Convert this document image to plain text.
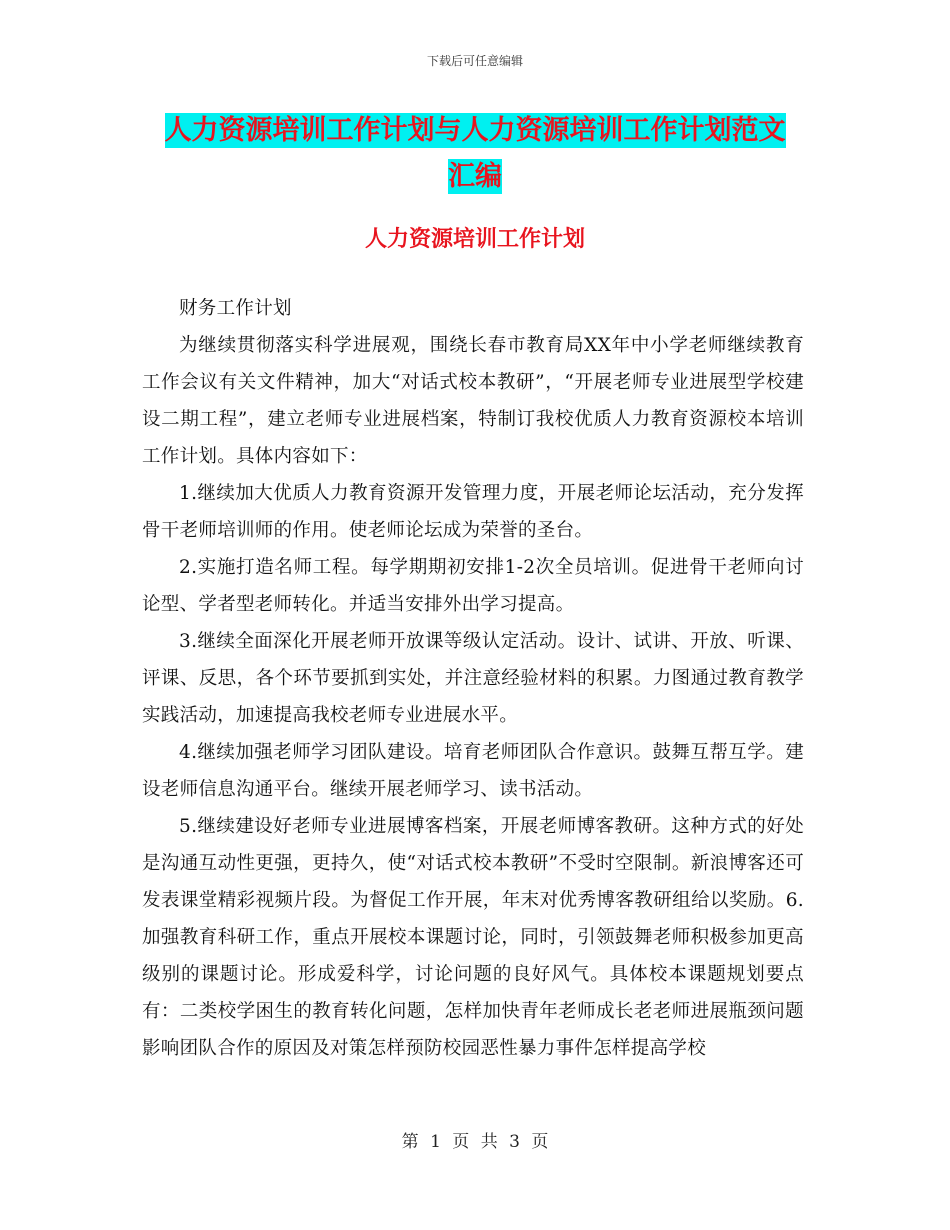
下载后可任意编辑
人力资源培训工作计划与人力资源培训工作计划范文
汇编
人力资源培训工作计划

财务工作计划

为继续贯彻落实科学进展观，围绕长春市教育局XX年中小学老师继续教育工作会议有关文件精神，加大“对话式校本教研”，“开展老师专业进展型学校建设二期工程”，建立老师专业进展档案，特制订我校优质人力教育资源校本培训工作计划。具体内容如下：

1.继续加大优质人力教育资源开发管理力度，开展老师论坛活动，充分发挥骨干老师培训师的作用。使老师论坛成为荣誉的圣台。

2.实施打造名师工程。每学期期初安排1-2次全员培训。促进骨干老师向讨论型、学者型老师转化。并适当安排外出学习提高。

3.继续全面深化开展老师开放课等级认定活动。设计、试讲、开放、听课、评课、反思，各个环节要抓到实处，并注意经验材料的积累。力图通过教育教学实践活动，加速提高我校老师专业进展水平。

4.继续加强老师学习团队建设。培育老师团队合作意识。鼓舞互帮互学。建设老师信息沟通平台。继续开展老师学习、读书活动。

5.继续建设好老师专业进展博客档案，开展老师博客教研。这种方式的好处是沟通互动性更强，更持久，使“对话式校本教研”不受时空限制。新浪博客还可发表课堂精彩视频片段。为督促工作开展，年末对优秀博客教研组给以奖励。6.加强教育科研工作，重点开展校本课题讨论，同时，引领鼓舞老师积极参加更高级别的课题讨论。形成爱科学，讨论问题的良好风气。具体校本课题规划要点有：二类校学困生的教育转化问题，怎样加快青年老师成长老老师进展瓶颈问题影响团队合作的原因及对策怎样预防校园恶性暴力事件怎样提高学校

第 1 页 共 3 页
